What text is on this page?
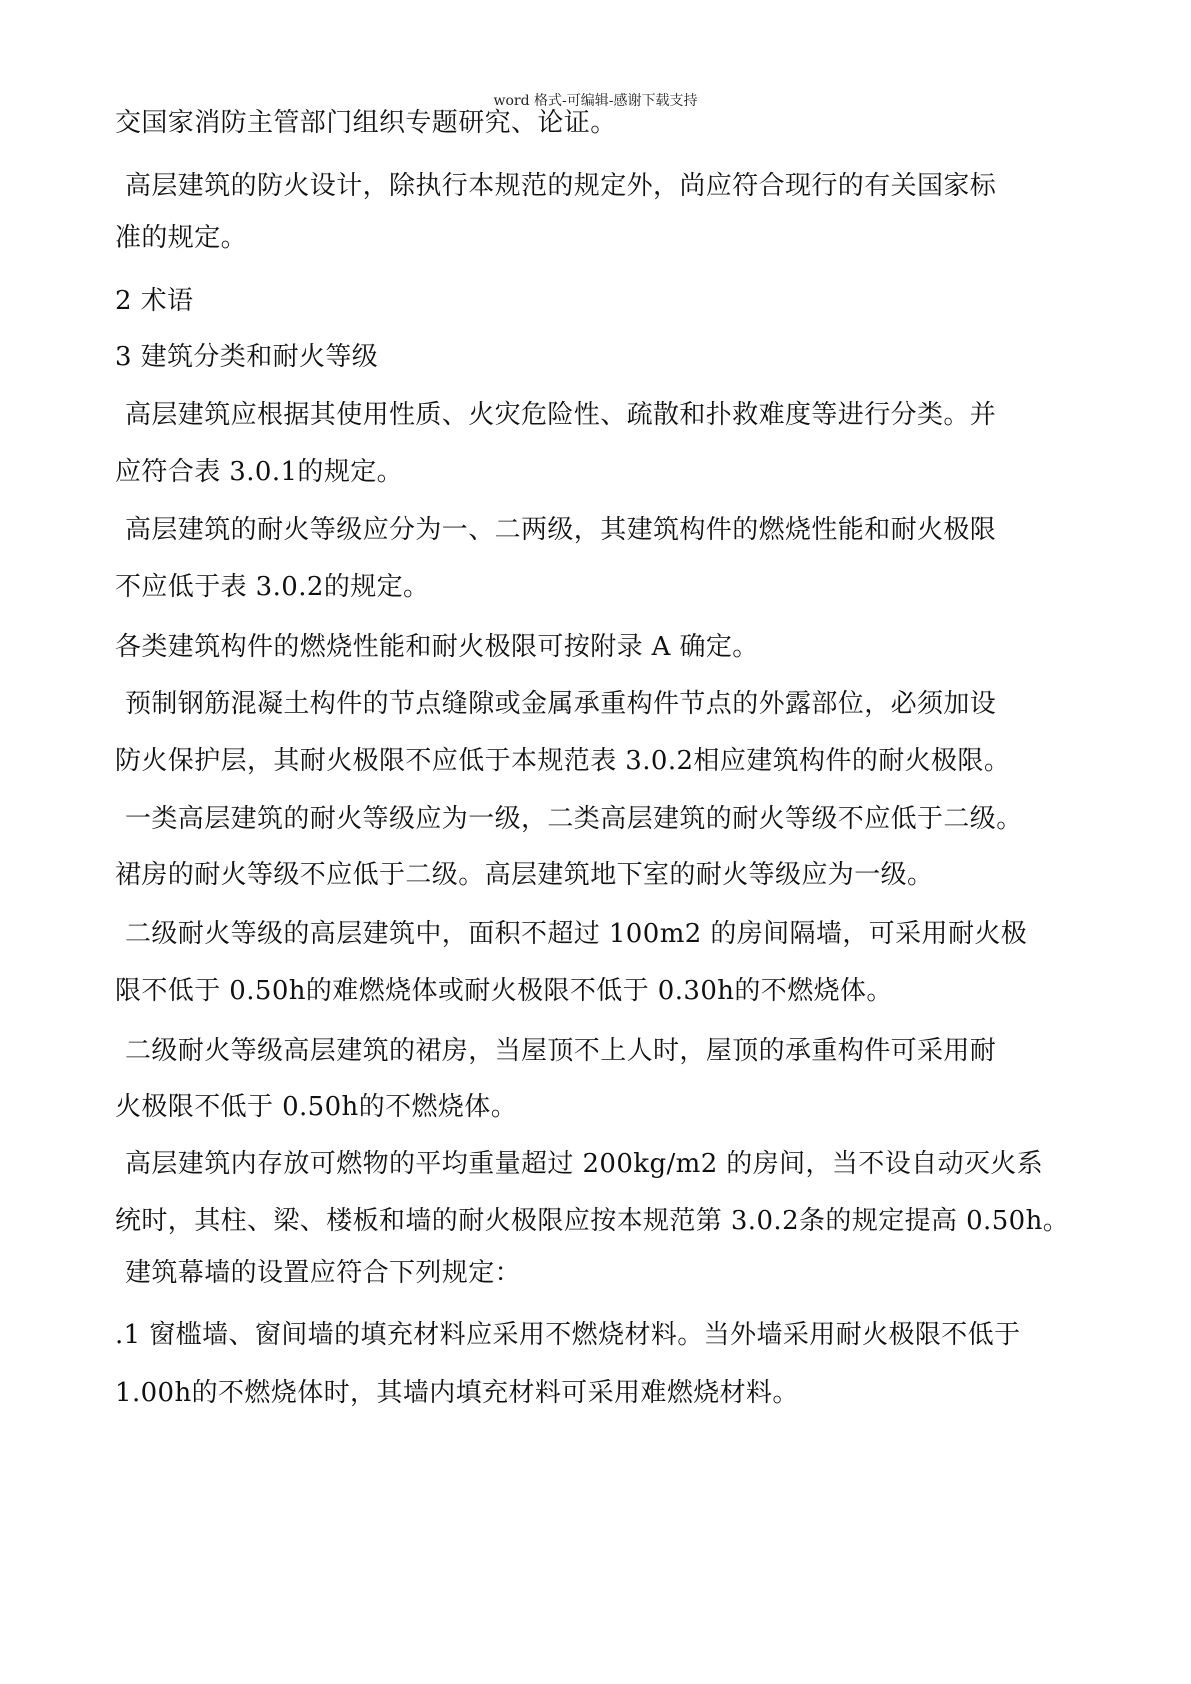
word 格式-可编辑-感谢下载支持
交国家消防主管部门组织专题研究、论证。
高层建筑的防火设计，除执行本规范的规定外，尚应符合现行的有关国家标
准的规定。
2 术语
3 建筑分类和耐火等级
高层建筑应根据其使用性质、火灾危险性、疏散和扑救难度等进行分类。并
应符合表 3.0.1的规定。
高层建筑的耐火等级应分为一、二两级，其建筑构件的燃烧性能和耐火极限
不应低于表 3.0.2的规定。
各类建筑构件的燃烧性能和耐火极限可按附录 A 确定。
预制钢筋混凝土构件的节点缝隙或金属承重构件节点的外露部位，必须加设
防火保护层，其耐火极限不应低于本规范表 3.0.2相应建筑构件的耐火极限。
一类高层建筑的耐火等级应为一级，二类高层建筑的耐火等级不应低于二级。
裙房的耐火等级不应低于二级。高层建筑地下室的耐火等级应为一级。
二级耐火等级的高层建筑中，面积不超过 100m2 的房间隔墙，可采用耐火极
限不低于 0.50h的难燃烧体或耐火极限不低于 0.30h的不燃烧体。
二级耐火等级高层建筑的裙房，当屋顶不上人时，屋顶的承重构件可采用耐
火极限不低于 0.50h的不燃烧体。
高层建筑内存放可燃物的平均重量超过 200kg/m2 的房间，当不设自动灭火系
统时，其柱、梁、楼板和墙的耐火极限应按本规范第 3.0.2条的规定提高 0.50h。
建筑幕墙的设置应符合下列规定：
.1 窗槛墙、窗间墙的填充材料应采用不燃烧材料。当外墙采用耐火极限不低于
1.00h的不燃烧体时，其墙内填充材料可采用难燃烧材料。
